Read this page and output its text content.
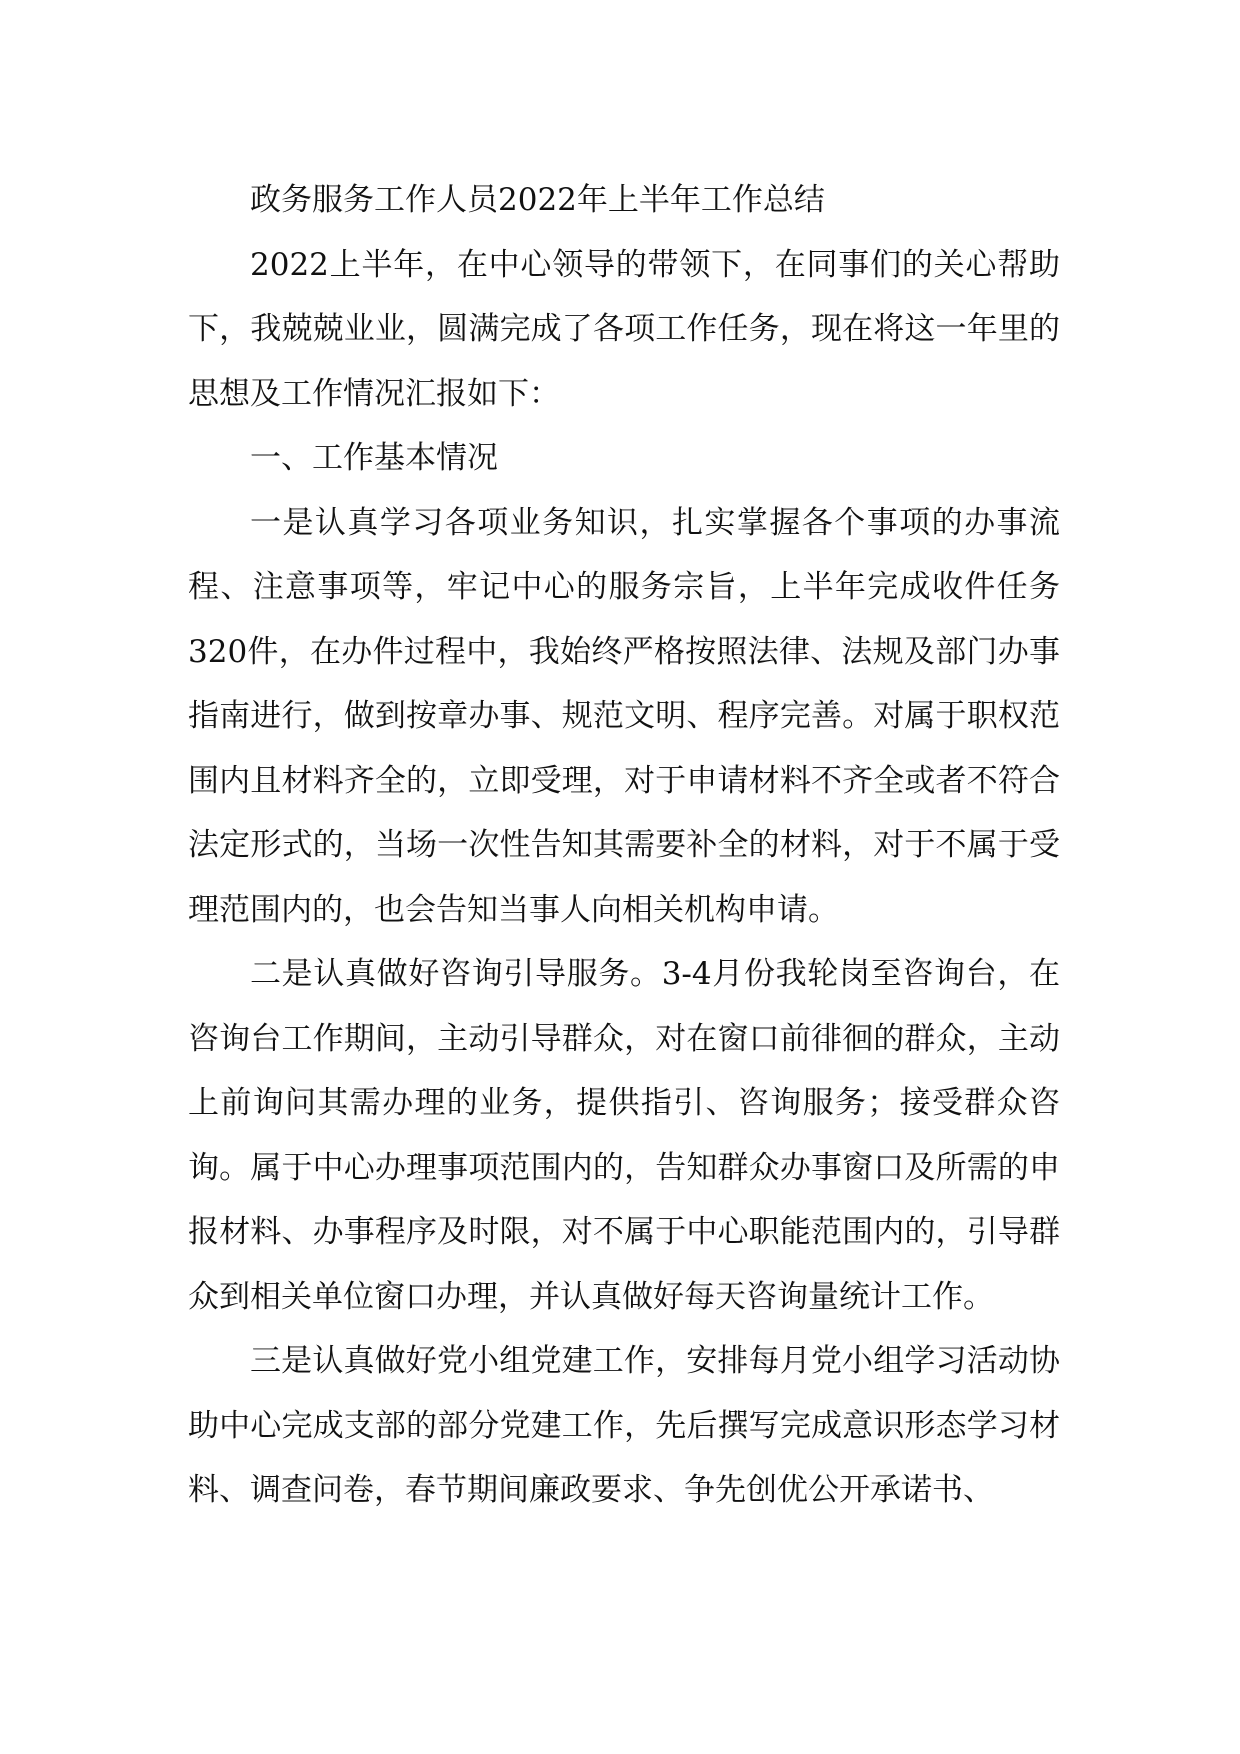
政务服务工作人员2022年上半年工作总结

2022上半年，在中心领导的带领下，在同事们的关心帮助下，我兢兢业业，圆满完成了各项工作任务，现在将这一年里的思想及工作情况汇报如下：

一、工作基本情况

一是认真学习各项业务知识，扎实掌握各个事项的办事流程、注意事项等，牢记中心的服务宗旨，上半年完成收件任务320件，在办件过程中，我始终严格按照法律、法规及部门办事指南进行，做到按章办事、规范文明、程序完善。对属于职权范围内且材料齐全的，立即受理，对于申请材料不齐全或者不符合法定形式的，当场一次性告知其需要补全的材料，对于不属于受理范围内的，也会告知当事人向相关机构申请。

二是认真做好咨询引导服务。3-4月份我轮岗至咨询台，在咨询台工作期间，主动引导群众，对在窗口前徘徊的群众，主动上前询问其需办理的业务，提供指引、咨询服务；接受群众咨询。属于中心办理事项范围内的，告知群众办事窗口及所需的申报材料、办事程序及时限，对不属于中心职能范围内的，引导群众到相关单位窗口办理，并认真做好每天咨询量统计工作。

三是认真做好党小组党建工作，安排每月党小组学习活动协助中心完成支部的部分党建工作，先后撰写完成意识形态学习材料、调查问卷，春节期间廉政要求、争先创优公开承诺书、
